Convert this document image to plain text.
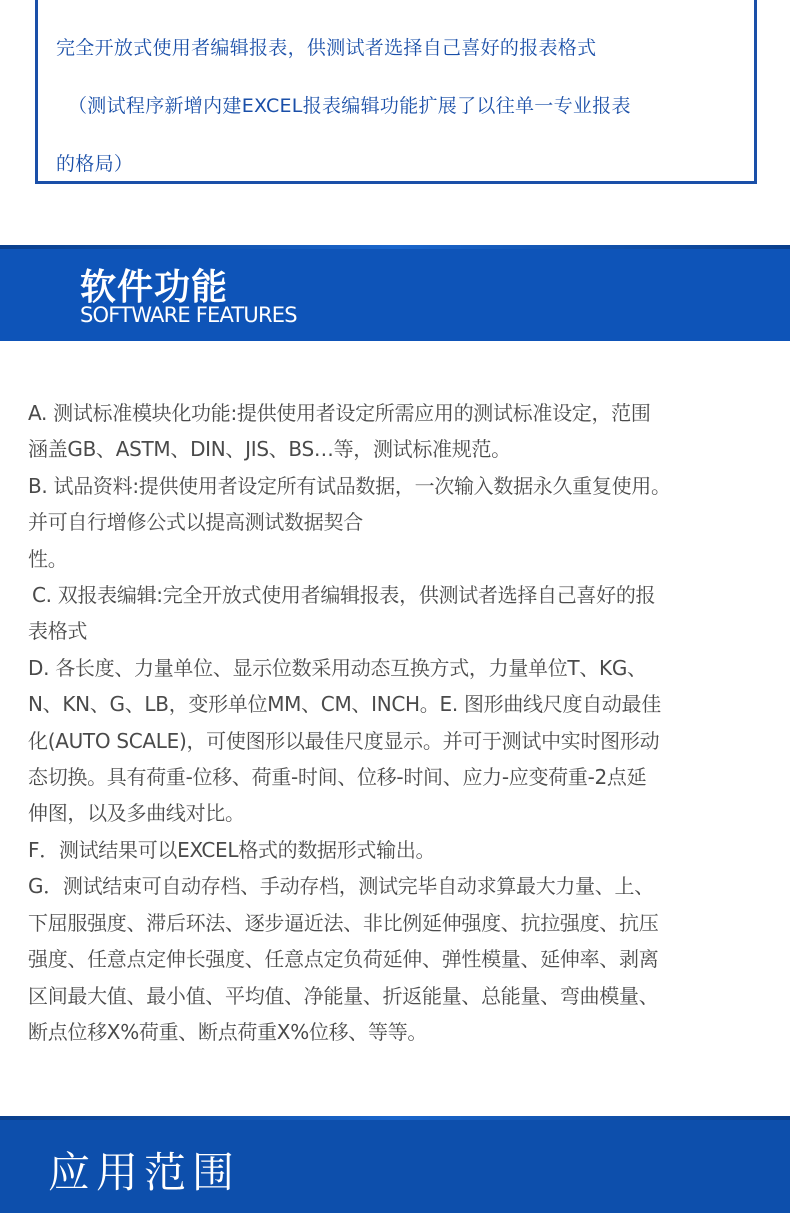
完全开放式使用者编辑报表，供测试者选择自己喜好的报表格式
（测试程序新增内建EXCEL报表编辑功能扩展了以往单一专业报表
的格局）
软件功能
SOFTWARE FEATURES
A. 测试标准模块化功能:提供使用者设定所需应用的测试标准设定，范围
涵盖GB、ASTM、DIN、JIS、BS…等，测试标准规范。
B. 试品资料:提供使用者设定所有试品数据，一次输入数据永久重复使用。
并可自行增修公式以提高测试数据契合
性。
C. 双报表编辑:完全开放式使用者编辑报表，供测试者选择自己喜好的报
表格式
D. 各长度、力量单位、显示位数采用动态互换方式，力量单位T、KG、
N、KN、G、LB，变形单位MM、CM、INCH。E. 图形曲线尺度自动最佳
化(AUTO SCALE)，可使图形以最佳尺度显示。并可于测试中实时图形动
态切换。具有荷重-位移、荷重-时间、位移-时间、应力-应变荷重-2点延
伸图，以及多曲线对比。
F．测试结果可以EXCEL格式的数据形式输出。
G．测试结束可自动存档、手动存档，测试完毕自动求算最大力量、上、
下屈服强度、滞后环法、逐步逼近法、非比例延伸强度、抗拉强度、抗压
强度、任意点定伸长强度、任意点定负荷延伸、弹性模量、延伸率、剥离
区间最大值、最小值、平均值、净能量、折返能量、总能量、弯曲模量、
断点位移X%荷重、断点荷重X%位移、等等。
应用范围
